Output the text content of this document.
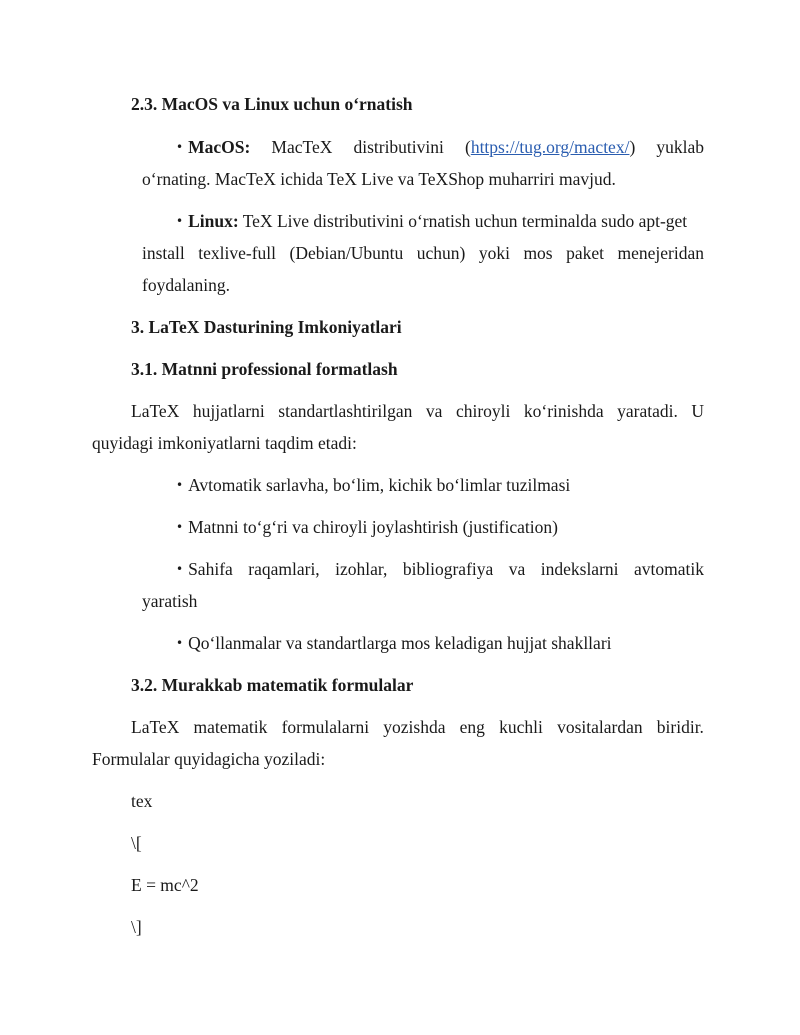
2.3. MacOS va Linux uchun o‘rnatish
• MacOS: MacTeX distributivini (https://tug.org/mactex/) yuklab
o‘rnating. MacTeX ichida TeX Live va TeXShop muharriri mavjud.
• Linux: TeX Live distributivini o‘rnatish uchun terminalda sudo apt-get
install texlive-full (Debian/Ubuntu uchun) yoki mos paket menejeridan
foydalaning.
3. LaTeX Dasturining Imkoniyatlari
3.1. Matnni professional formatlash
LaTeX hujjatlarni standartlashtirilgan va chiroyli ko‘rinishda yaratadi. U
quyidagi imkoniyatlarni taqdim etadi:
• Avtomatik sarlavha, bo‘lim, kichik bo‘limlar tuzilmasi
• Matnni to‘g‘ri va chiroyli joylashtirish (justification)
• Sahifa raqamlari, izohlar, bibliografiya va indekslarni avtomatik
yaratish
• Qo‘llanmalar va standartlarga mos keladigan hujjat shakllari
3.2. Murakkab matematik formulalar
LaTeX matematik formulalarni yozishda eng kuchli vositalardan biridir.
Formulalar quyidagicha yoziladi:
tex
\[
E = mc^2
\]
